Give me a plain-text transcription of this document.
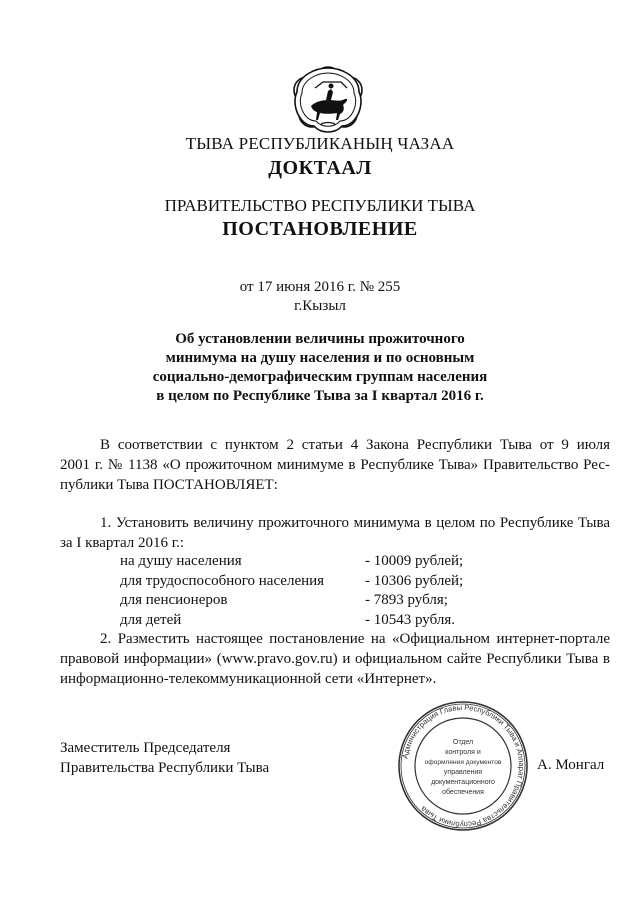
ТЫВА РЕСПУБЛИКАНЫҢ ЧАЗАА
ДОКТААЛ
ПРАВИТЕЛЬСТВО РЕСПУБЛИКИ ТЫВА
ПОСТАНОВЛЕНИЕ
от 17 июня 2016 г. № 255
г.Кызыл
Об установлении величины прожиточного
минимума на душу населения и по основным
социально-демографическим группам населения
в целом по Республике Тыва за I квартал 2016 г.
В соответствии с пунктом 2 статьи 4 Закона Республики Тыва от 9 июля
2001 г. № 1138 «О прожиточном минимуме в Республике Тыва» Правительство Рес-
публики Тыва ПОСТАНОВЛЯЕТ:
1. Установить величину прожиточного минимума в целом по Республике Тыва
за I квартал 2016 г.:
на душу населения	- 10009 рублей;
для трудоспособного населения	- 10306 рублей;
для пенсионеров	- 7893 рубля;
для детей	- 10543 рубля.
2. Разместить настоящее постановление на «Официальном интернет-портале
правовой информации» (www.pravo.gov.ru) и официальном сайте Республики Тыва в
информационно-телекоммуникационной сети «Интернет».
Заместитель Председателя
Правительства Республики Тыва	А. Монгал
Администрация Главы Республики Тыва и Аппарат Правительства Республики Тыва
Отдел
контроля и
оформления документов
управления
документационного
обеспечения
